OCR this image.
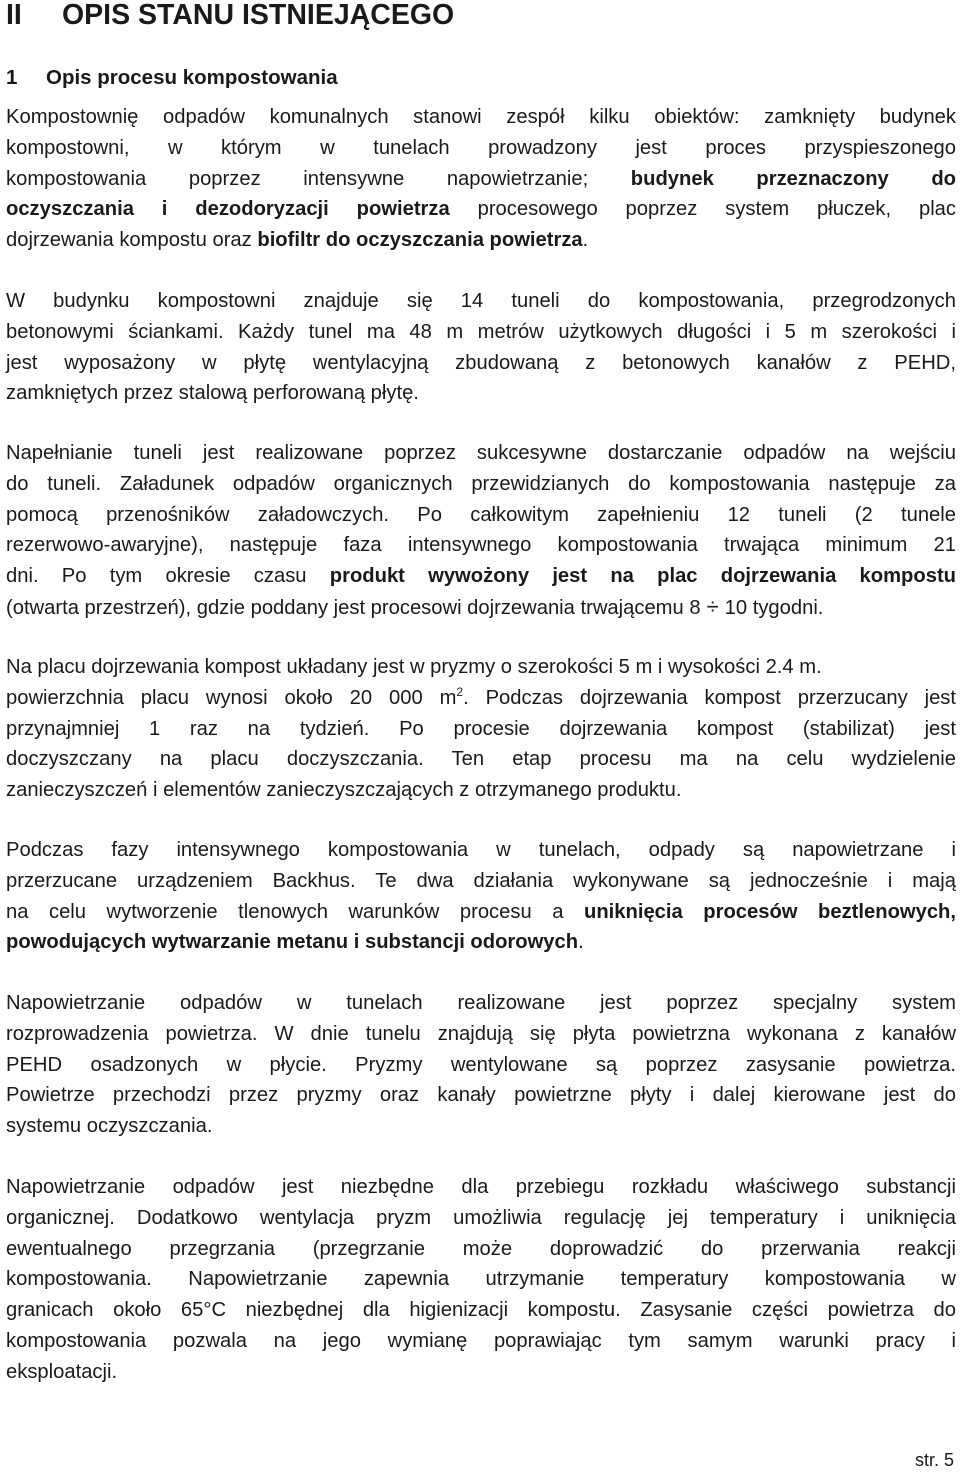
II OPIS STANU ISTNIEJĄCEGO
1 Opis procesu kompostowania
Kompostownię odpadów komunalnych stanowi zespół kilku obiektów: zamknięty budynek
kompostowni, w którym w tunelach prowadzony jest proces przyspieszonego
kompostowania poprzez intensywne napowietrzanie; budynek przeznaczony do
oczyszczania i dezodoryzacji powietrza procesowego poprzez system płuczek, plac
dojrzewania kompostu oraz biofiltr do oczyszczania powietrza.
W budynku kompostowni znajduje się 14 tuneli do kompostowania, przegrodzonych
betonowymi ściankami. Każdy tunel ma 48 m metrów użytkowych długości i 5 m szerokości i
jest wyposażony w płytę wentylacyjną zbudowaną z betonowych kanałów z PEHD,
zamkniętych przez stalową perforowaną płytę.
Napełnianie tuneli jest realizowane poprzez sukcesywne dostarczanie odpadów na wejściu
do tuneli. Załadunek odpadów organicznych przewidzianych do kompostowania następuje za
pomocą przenośników załadowczych. Po całkowitym zapełnieniu 12 tuneli (2 tunele
rezerwowo-awaryjne), następuje faza intensywnego kompostowania trwająca minimum 21
dni. Po tym okresie czasu produkt wywożony jest na plac dojrzewania kompostu
(otwarta przestrzeń), gdzie poddany jest procesowi dojrzewania trwającemu 8 ÷ 10 tygodni.
Na placu dojrzewania kompost układany jest w pryzmy o szerokości 5 m i wysokości 2.4 m.
powierzchnia placu wynosi około 20 000 $m^2$. Podczas dojrzewania kompost przerzucany jest
przynajmniej 1 raz na tydzień. Po procesie dojrzewania kompost (stabilizat) jest
doczyszczany na placu doczyszczania. Ten etap procesu ma na celu wydzielenie
zanieczyszczeń i elementów zanieczyszczających z otrzymanego produktu.
Podczas fazy intensywnego kompostowania w tunelach, odpady są napowietrzane i
przerzucane urządzeniem Backhus. Te dwa działania wykonywane są jednocześnie i mają
na celu wytworzenie tlenowych warunków procesu a uniknięcia procesów beztlenowych,
powodujących wytwarzanie metanu i substancji odorowych.
Napowietrzanie odpadów w tunelach realizowane jest poprzez specjalny system
rozprowadzenia powietrza. W dnie tunelu znajdują się płyta powietrzna wykonana z kanałów
PEHD osadzonych w płycie. Pryzmy wentylowane są poprzez zasysanie powietrza.
Powietrze przechodzi przez pryzmy oraz kanały powietrzne płyty i dalej kierowane jest do
systemu oczyszczania.
Napowietrzanie odpadów jest niezbędne dla przebiegu rozkładu właściwego substancji
organicznej. Dodatkowo wentylacja pryzm umożliwia regulację jej temperatury i uniknięcia
ewentualnego przegrzania (przegrzanie może doprowadzić do przerwania reakcji
kompostowania. Napowietrzanie zapewnia utrzymanie temperatury kompostowania w
granicach około 65°C niezbędnej dla higienizacji kompostu. Zasysanie części powietrza do
kompostowania pozwala na jego wymianę poprawiając tym samym warunki pracy i
eksploatacji.
str. 5
